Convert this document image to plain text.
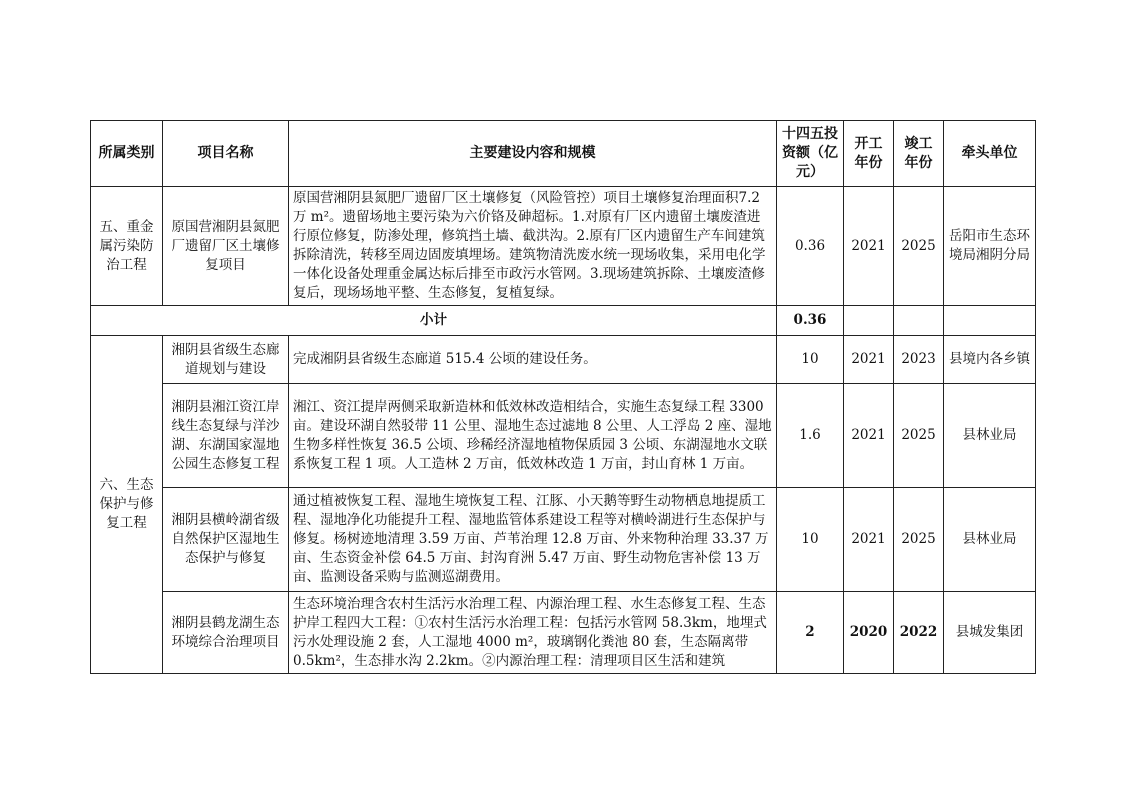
所属类别	项目名称	主要建设内容和规模	十四五投资额（亿元）	开工年份	竣工年份	牵头单位
五、重金属污染防治工程	原国营湘阴县氮肥厂遗留厂区土壤修复项目	原国营湘阴县氮肥厂遗留厂区土壤修复（风险管控）项目土壤修复治理面积7.2 万 m²。遗留场地主要污染为六价铬及砷超标。1.对原有厂区内遗留土壤废渣进行原位修复，防渗处理，修筑挡土墙、截洪沟。2.原有厂区内遗留生产车间建筑拆除清洗，转移至周边固废填埋场。建筑物清洗废水统一现场收集，采用电化学一体化设备处理重金属达标后排至市政污水管网。3.现场建筑拆除、土壤废渣修复后，现场场地平整、生态修复，复植复绿。	0.36	2021	2025	岳阳市生态环境局湘阴分局
小计			0.36			
六、生态保护与修复工程	湘阴县省级生态廊道规划与建设	完成湘阴县省级生态廊道 515.4 公顷的建设任务。	10	2021	2023	县境内各乡镇
	湘阴县湘江资江岸线生态复绿与洋沙湖、东湖国家湿地公园生态修复工程	湘江、资江提岸两侧采取新造林和低效林改造相结合，实施生态复绿工程 3300 亩。建设环湖自然驳带 11 公里、湿地生态过滤地 8 公里、人工浮岛 2 座、湿地生物多样性恢复 36.5 公顷、珍稀经济湿地植物保质园 3 公顷、东湖湿地水文联系恢复工程 1 项。人工造林 2 万亩，低效林改造 1 万亩，封山育林 1 万亩。	1.6	2021	2025	县林业局
	湘阴县横岭湖省级自然保护区湿地生态保护与修复	通过植被恢复工程、湿地生境恢复工程、江豚、小天鹅等野生动物栖息地提质工程、湿地净化功能提升工程、湿地监管体系建设工程等对横岭湖进行生态保护与修复。杨树迹地清理 3.59 万亩、芦苇治理 12.8 万亩、外来物种治理 33.37 万亩、生态资金补偿 64.5 万亩、封沟育洲 5.47 万亩、野生动物危害补偿 13 万亩、监测设备采购与监测巡湖费用。	10	2021	2025	县林业局
	湘阴县鹤龙湖生态环境综合治理项目	生态环境治理含农村生活污水治理工程、内源治理工程、水生态修复工程、生态护岸工程四大工程：①农村生活污水治理工程：包括污水管网 58.3km，地埋式污水处理设施 2 套，人工湿地 4000 m²，玻璃钢化粪池 80 套，生态隔离带 0.5km²，生态排水沟 2.2km。②内源治理工程：清理项目区生活和建筑	2	2020	2022	县城发集团
